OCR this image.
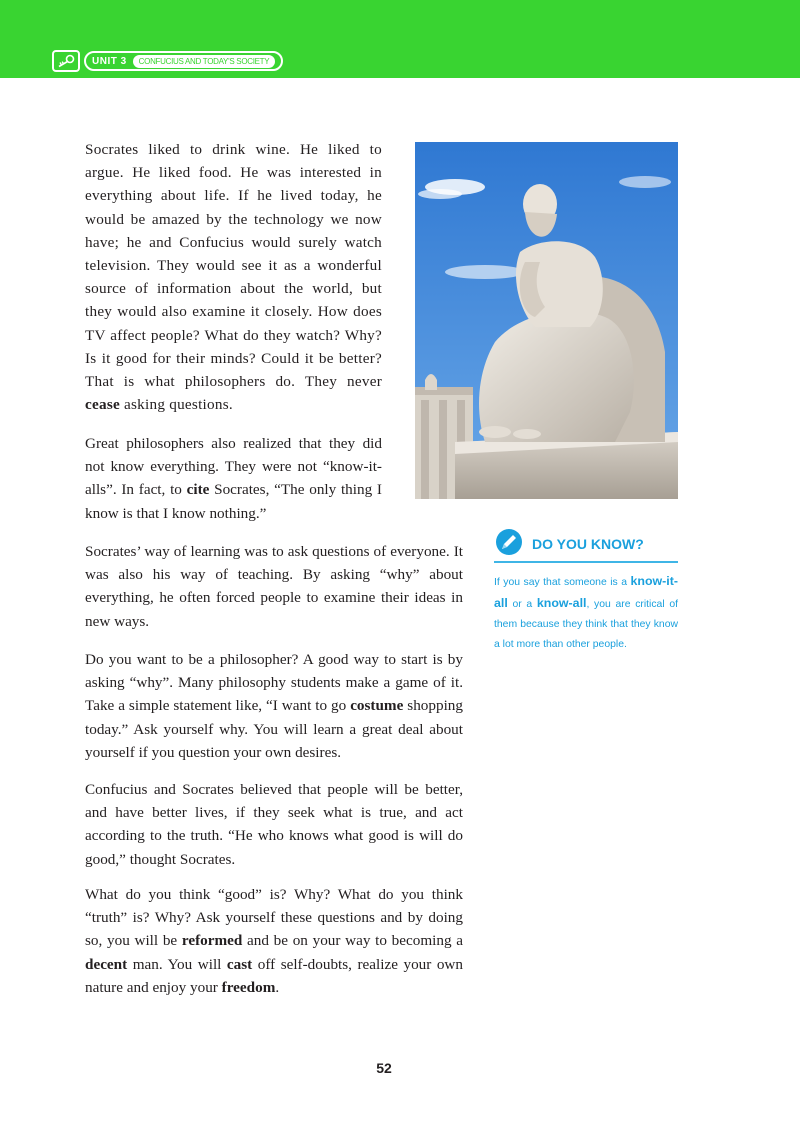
UNIT 3	CONFUCIUS AND TODAY'S SOCIETY

Socrates liked to drink wine. He liked to argue. He liked food. He was interested in everything about life. If he lived today, he would be amazed by the technology we now have; he and Confucius would surely watch television. They would see it as a wonderful source of information about the world, but they would also examine it closely. How does TV affect people? What do they watch? Why? Is it good for their minds? Could it be better? That is what philosophers do. They never cease asking questions.

Great philosophers also realized that they did not know everything. They were not “know-it-alls”. In fact, to cite Socrates, “The only thing I know is that I know nothing.”

Socrates’ way of learning was to ask questions of everyone. It was also his way of teaching. By asking “why” about everything, he often forced people to examine their ideas in new ways.

Do you want to be a philosopher? A good way to start is by asking “why”. Many philosophy students make a game of it. Take a simple statement like, “I want to go costume shopping today.” Ask yourself why. You will learn a great deal about yourself if you question your own desires.

Confucius and Socrates believed that people will be better, and have better lives, if they seek what is true, and act according to the truth. “He who knows what good is will do good,” thought Socrates.

What do you think “good” is? Why? What do you think “truth” is? Why? Ask yourself these questions and by doing so, you will be reformed and be on your way to becoming a decent man. You will cast off self-doubts, realize your own nature and enjoy your freedom.

DO YOU KNOW?

If you say that someone is a know-it-all or a know-all, you are critical of them because they think that they know a lot more than other people.

52
